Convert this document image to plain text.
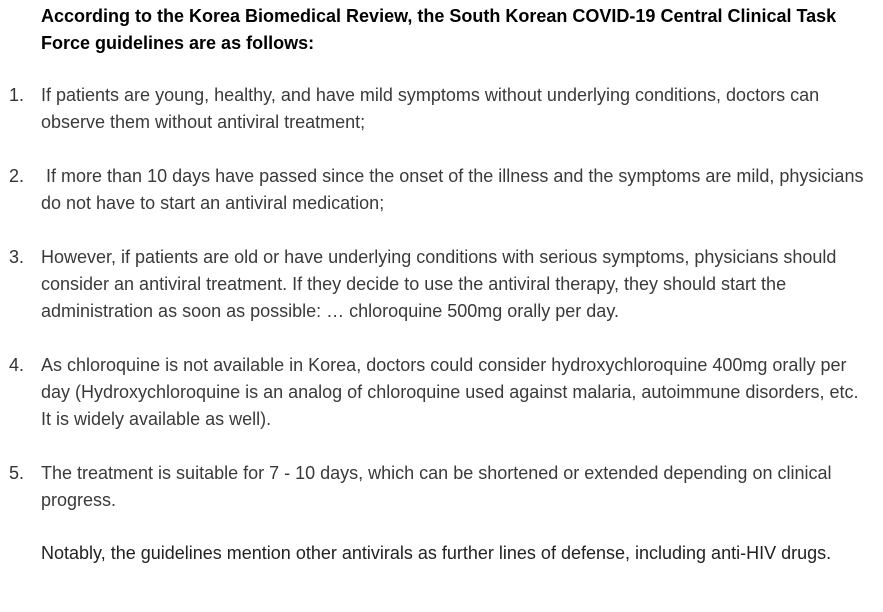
According to the Korea Biomedical Review, the South Korean COVID-19 Central Clinical Task Force guidelines are as follows:

1. If patients are young, healthy, and have mild symptoms without underlying conditions, doctors can observe them without antiviral treatment;
2. If more than 10 days have passed since the onset of the illness and the symptoms are mild, physicians do not have to start an antiviral medication;
3. However, if patients are old or have underlying conditions with serious symptoms, physicians should consider an antiviral treatment. If they decide to use the antiviral therapy, they should start the administration as soon as possible: … chloroquine 500mg orally per day.
4. As chloroquine is not available in Korea, doctors could consider hydroxychloroquine 400mg orally per day (Hydroxychloroquine is an analog of chloroquine used against malaria, autoimmune disorders, etc.  It is widely available as well).
5. The treatment is suitable for 7 - 10 days, which can be shortened or extended depending on clinical progress.

Notably, the guidelines mention other antivirals as further lines of defense, including anti-HIV drugs.
